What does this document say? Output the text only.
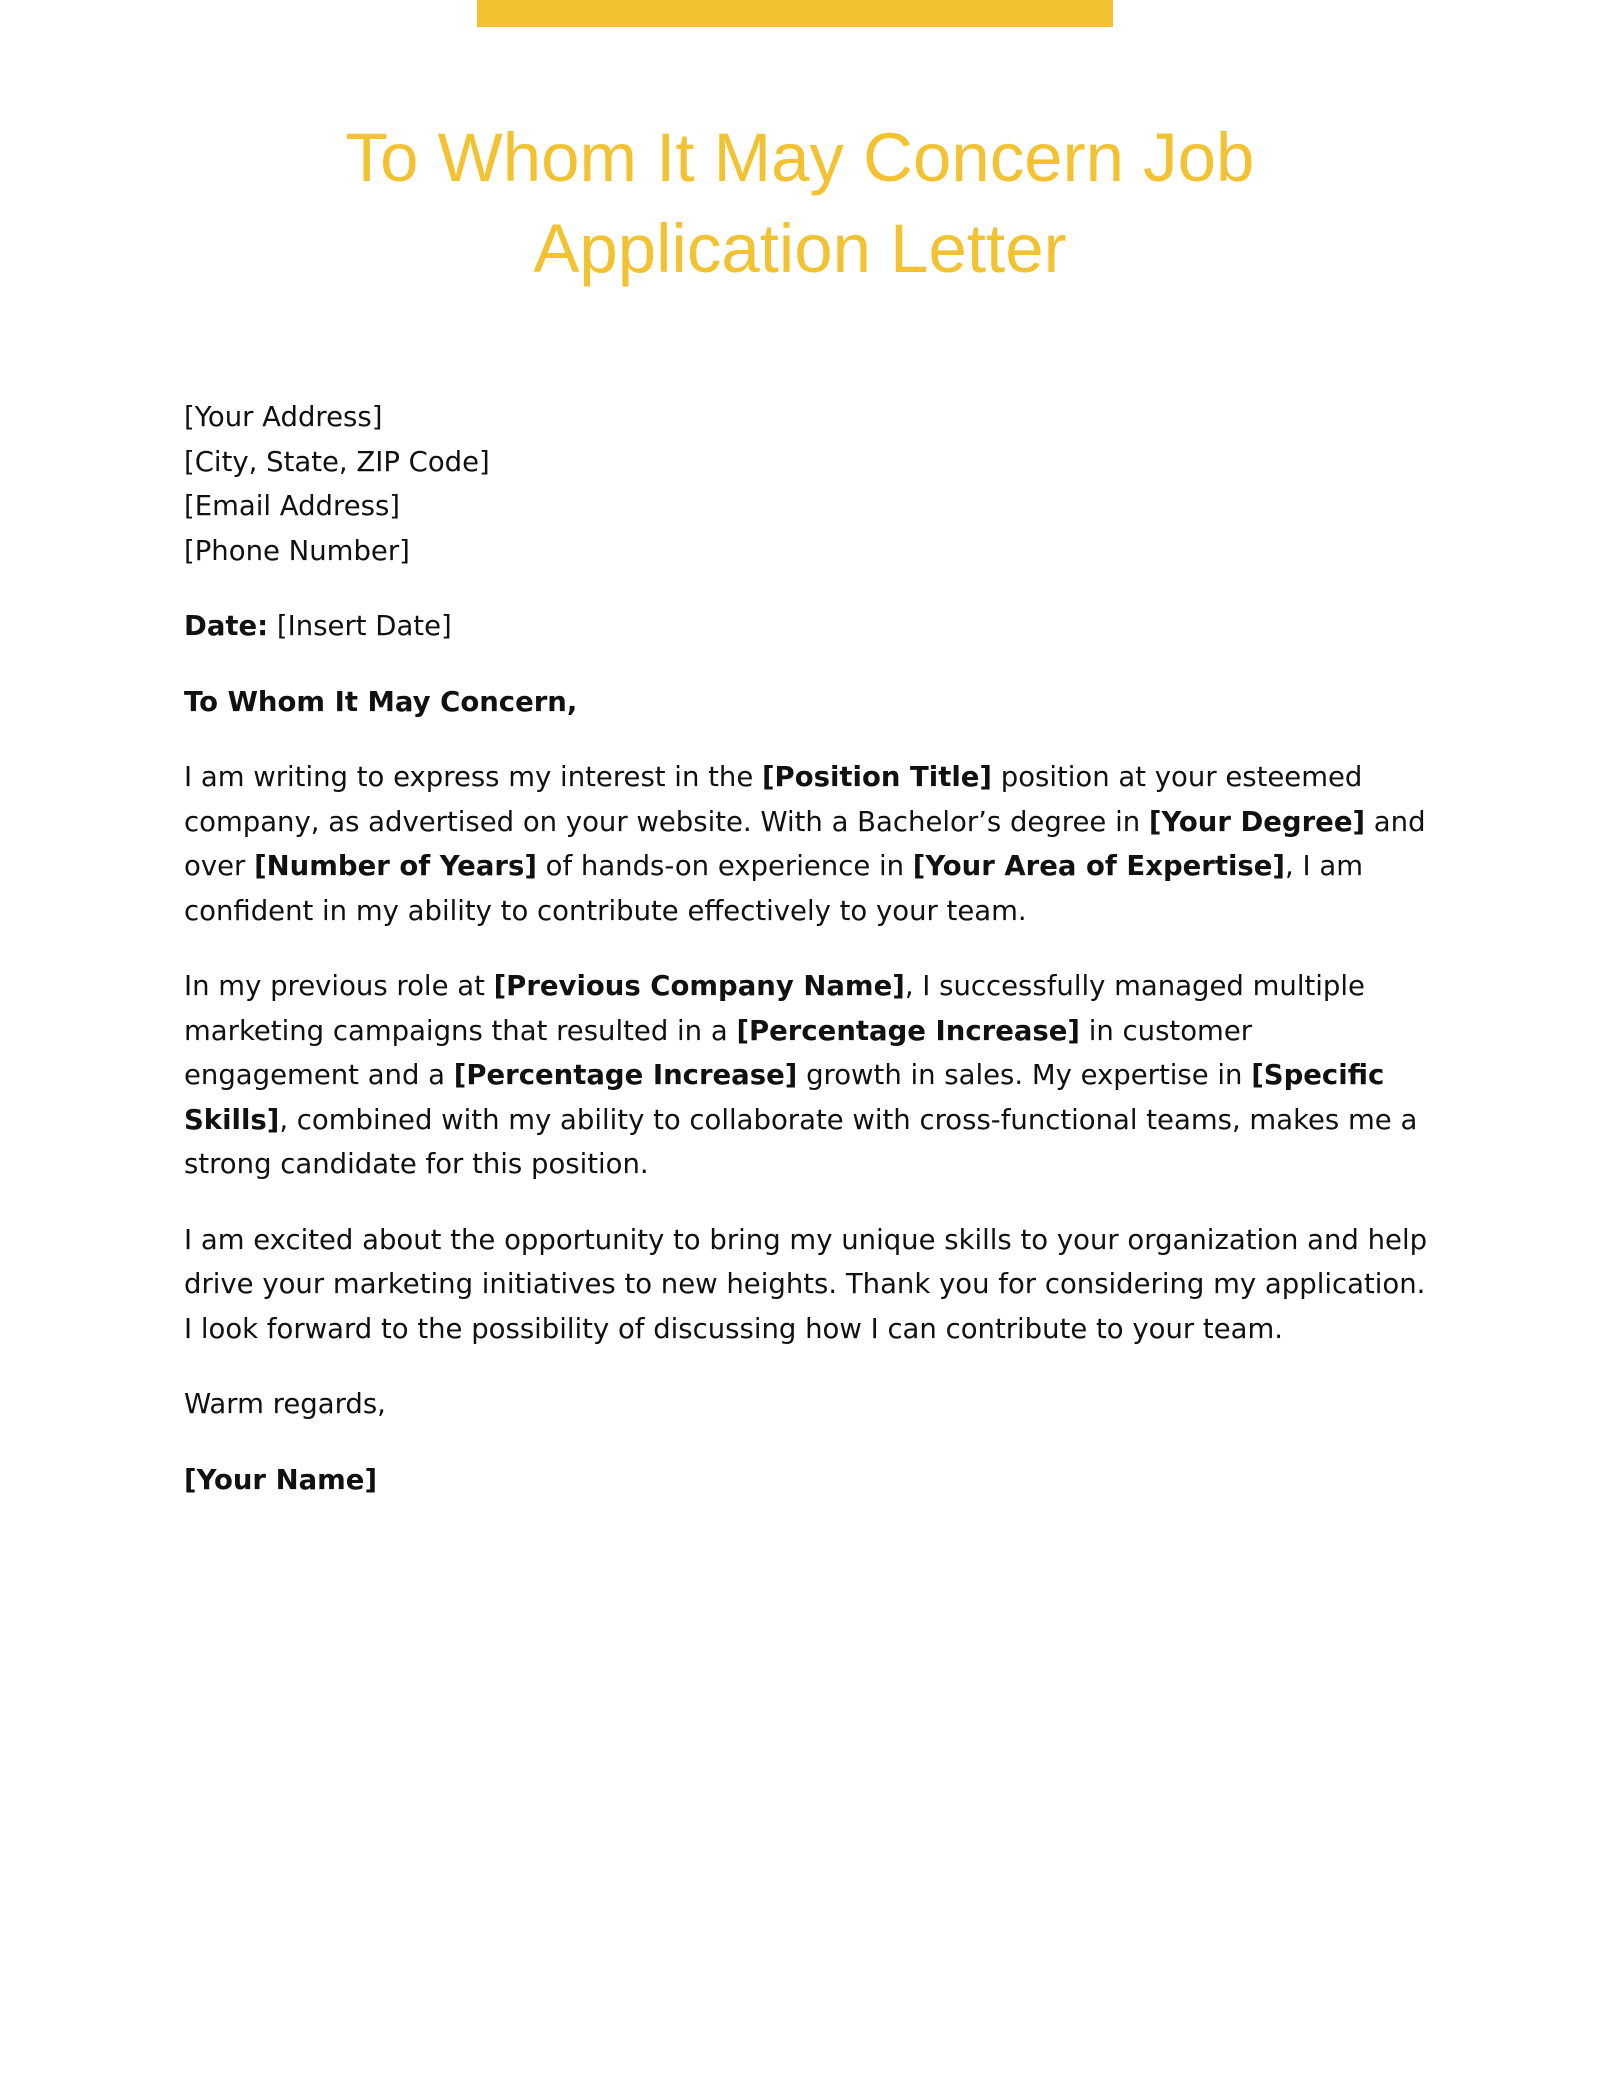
To Whom It May Concern Job
Application Letter

[Your Address]
[City, State, ZIP Code]
[Email Address]
[Phone Number]

Date: [Insert Date]

To Whom It May Concern,

I am writing to express my interest in the [Position Title] position at your esteemed company, as advertised on your website. With a Bachelor’s degree in [Your Degree] and over [Number of Years] of hands-on experience in [Your Area of Expertise], I am confident in my ability to contribute effectively to your team.

In my previous role at [Previous Company Name], I successfully managed multiple marketing campaigns that resulted in a [Percentage Increase] in customer engagement and a [Percentage Increase] growth in sales. My expertise in [Specific Skills], combined with my ability to collaborate with cross-functional teams, makes me a strong candidate for this position.

I am excited about the opportunity to bring my unique skills to your organization and help drive your marketing initiatives to new heights. Thank you for considering my application. I look forward to the possibility of discussing how I can contribute to your team.

Warm regards,

[Your Name]
